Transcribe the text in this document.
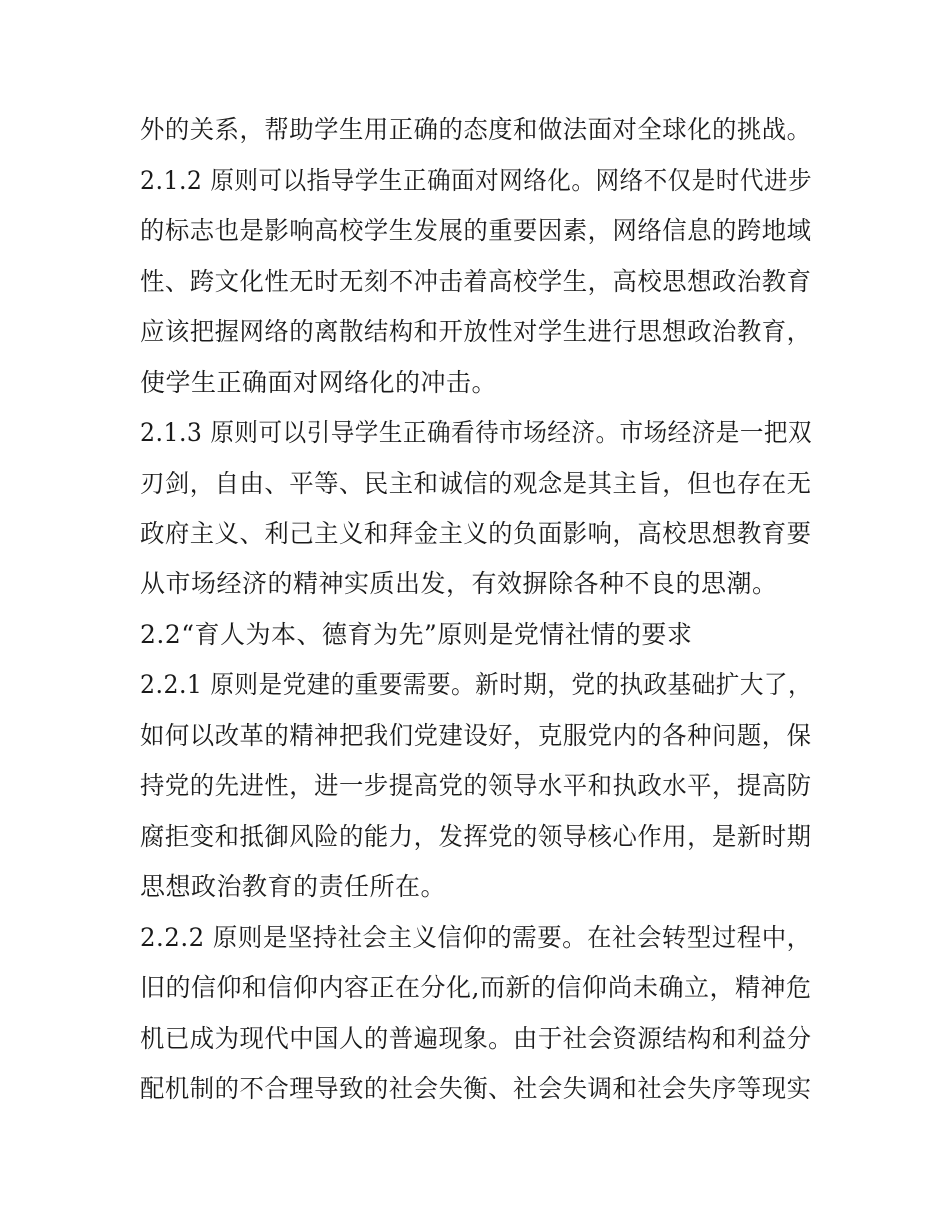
外的关系，帮助学生用正确的态度和做法面对全球化的挑战。
2.1.2 原则可以指导学生正确面对网络化。网络不仅是时代进步
的标志也是影响高校学生发展的重要因素，网络信息的跨地域
性、跨文化性无时无刻不冲击着高校学生，高校思想政治教育
应该把握网络的离散结构和开放性对学生进行思想政治教育，
使学生正确面对网络化的冲击。
2.1.3 原则可以引导学生正确看待市场经济。市场经济是一把双
刃剑，自由、平等、民主和诚信的观念是其主旨，但也存在无
政府主义、利己主义和拜金主义的负面影响，高校思想教育要
从市场经济的精神实质出发，有效摒除各种不良的思潮。
2.2“育人为本、德育为先”原则是党情社情的要求
2.2.1 原则是党建的重要需要。新时期，党的执政基础扩大了，
如何以改革的精神把我们党建设好，克服党内的各种问题，保
持党的先进性，进一步提高党的领导水平和执政水平，提高防
腐拒变和抵御风险的能力，发挥党的领导核心作用，是新时期
思想政治教育的责任所在。
2.2.2 原则是坚持社会主义信仰的需要。在社会转型过程中，
旧的信仰和信仰内容正在分化,而新的信仰尚未确立，精神危
机已成为现代中国人的普遍现象。由于社会资源结构和利益分
配机制的不合理导致的社会失衡、社会失调和社会失序等现实
